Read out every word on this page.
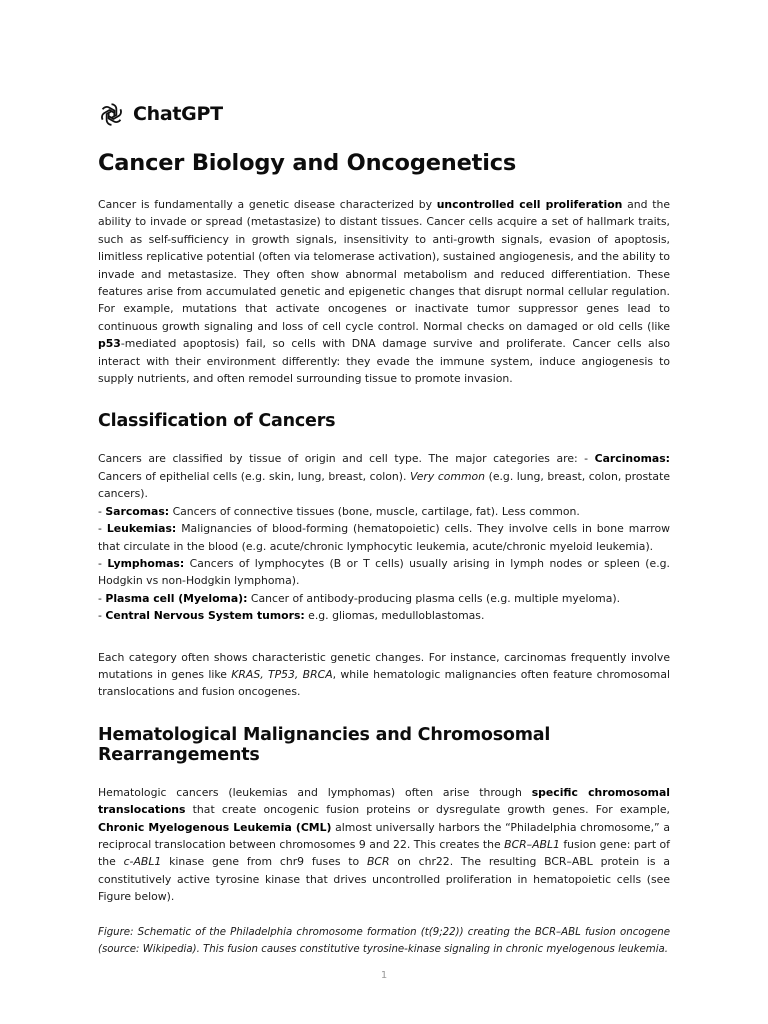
ChatGPT
Cancer Biology and Oncogenetics

Cancer is fundamentally a genetic disease characterized by uncontrolled cell proliferation and the ability to invade or spread (metastasize) to distant tissues. Cancer cells acquire a set of hallmark traits, such as self-sufficiency in growth signals, insensitivity to anti-growth signals, evasion of apoptosis, limitless replicative potential (often via telomerase activation), sustained angiogenesis, and the ability to invade and metastasize. They often show abnormal metabolism and reduced differentiation. These features arise from accumulated genetic and epigenetic changes that disrupt normal cellular regulation. For example, mutations that activate oncogenes or inactivate tumor suppressor genes lead to continuous growth signaling and loss of cell cycle control. Normal checks on damaged or old cells (like p53-mediated apoptosis) fail, so cells with DNA damage survive and proliferate. Cancer cells also interact with their environment differently: they evade the immune system, induce angiogenesis to supply nutrients, and often remodel surrounding tissue to promote invasion.

Classification of Cancers

Cancers are classified by tissue of origin and cell type. The major categories are: - Carcinomas: Cancers of epithelial cells (e.g. skin, lung, breast, colon). Very common (e.g. lung, breast, colon, prostate cancers).

- Sarcomas: Cancers of connective tissues (bone, muscle, cartilage, fat). Less common.

- Leukemias: Malignancies of blood-forming (hematopoietic) cells. They involve cells in bone marrow that circulate in the blood (e.g. acute/chronic lymphocytic leukemia, acute/chronic myeloid leukemia).

- Lymphomas: Cancers of lymphocytes (B or T cells) usually arising in lymph nodes or spleen (e.g. Hodgkin vs non-Hodgkin lymphoma).

- Plasma cell (Myeloma): Cancer of antibody-producing plasma cells (e.g. multiple myeloma).

- Central Nervous System tumors: e.g. gliomas, medulloblastomas.

Each category often shows characteristic genetic changes. For instance, carcinomas frequently involve mutations in genes like KRAS, TP53, BRCA, while hematologic malignancies often feature chromosomal translocations and fusion oncogenes.

Hematological Malignancies and Chromosomal Rearrangements

Hematologic cancers (leukemias and lymphomas) often arise through specific chromosomal translocations that create oncogenic fusion proteins or dysregulate growth genes. For example, Chronic Myelogenous Leukemia (CML) almost universally harbors the “Philadelphia chromosome,” a reciprocal translocation between chromosomes 9 and 22. This creates the BCR–ABL1 fusion gene: part of the c-ABL1 kinase gene from chr9 fuses to BCR on chr22. The resulting BCR–ABL protein is a constitutively active tyrosine kinase that drives uncontrolled proliferation in hematopoietic cells (see Figure below).

Figure: Schematic of the Philadelphia chromosome formation (t(9;22)) creating the BCR–ABL fusion oncogene (source: Wikipedia). This fusion causes constitutive tyrosine-kinase signaling in chronic myelogenous leukemia.

1
